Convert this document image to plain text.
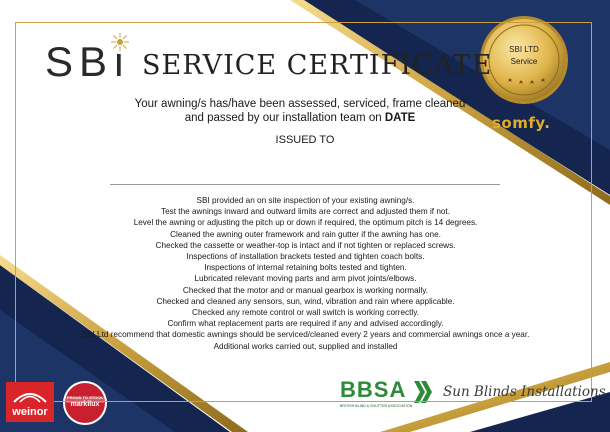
SBı SERVICE CERTIFICATE
Your awning/s has/have been assessed, serviced, frame cleaned and passed by our installation team on DATE
ISSUED TO
SBI provided an on site inspection of your existing awning/s.
Test the awnings inward and outward limits are correct and adjusted them if not.
Level the awning or adjusting the pitch up or down if required, the optimum pitch is 14 degrees.
Cleaned the awning outer framework and rain gutter if the awning has one.
Checked the cassette or weather-top is intact and if not tighten or replaced screws.
Inspections of installation brackets tested and tighten coach bolts.
Inspections of internal retaining bolts tested and tighten.
Lubricated relevant moving parts and arm pivot joints/elbows.
Checked that the motor and or manual gearbox is working normally.
Checked and cleaned any sensors, sun, wind, vibration and rain where applicable.
Checked any remote control or wall switch is working correctly.
Confirm what replacement parts are required if any and advised accordingly.
SBI Ltd recommend that domestic awnings should be serviced/cleaned every 2 years and commercial awnings once a year.
Additional works carried out, supplied and installed
SBI LTD
Service
somfy.
weinor
PROUD TO STOCK
markilux
BBSA
BRITISH BLIND & SHUTTER ASSOCIATION
Sun Blinds Installations
